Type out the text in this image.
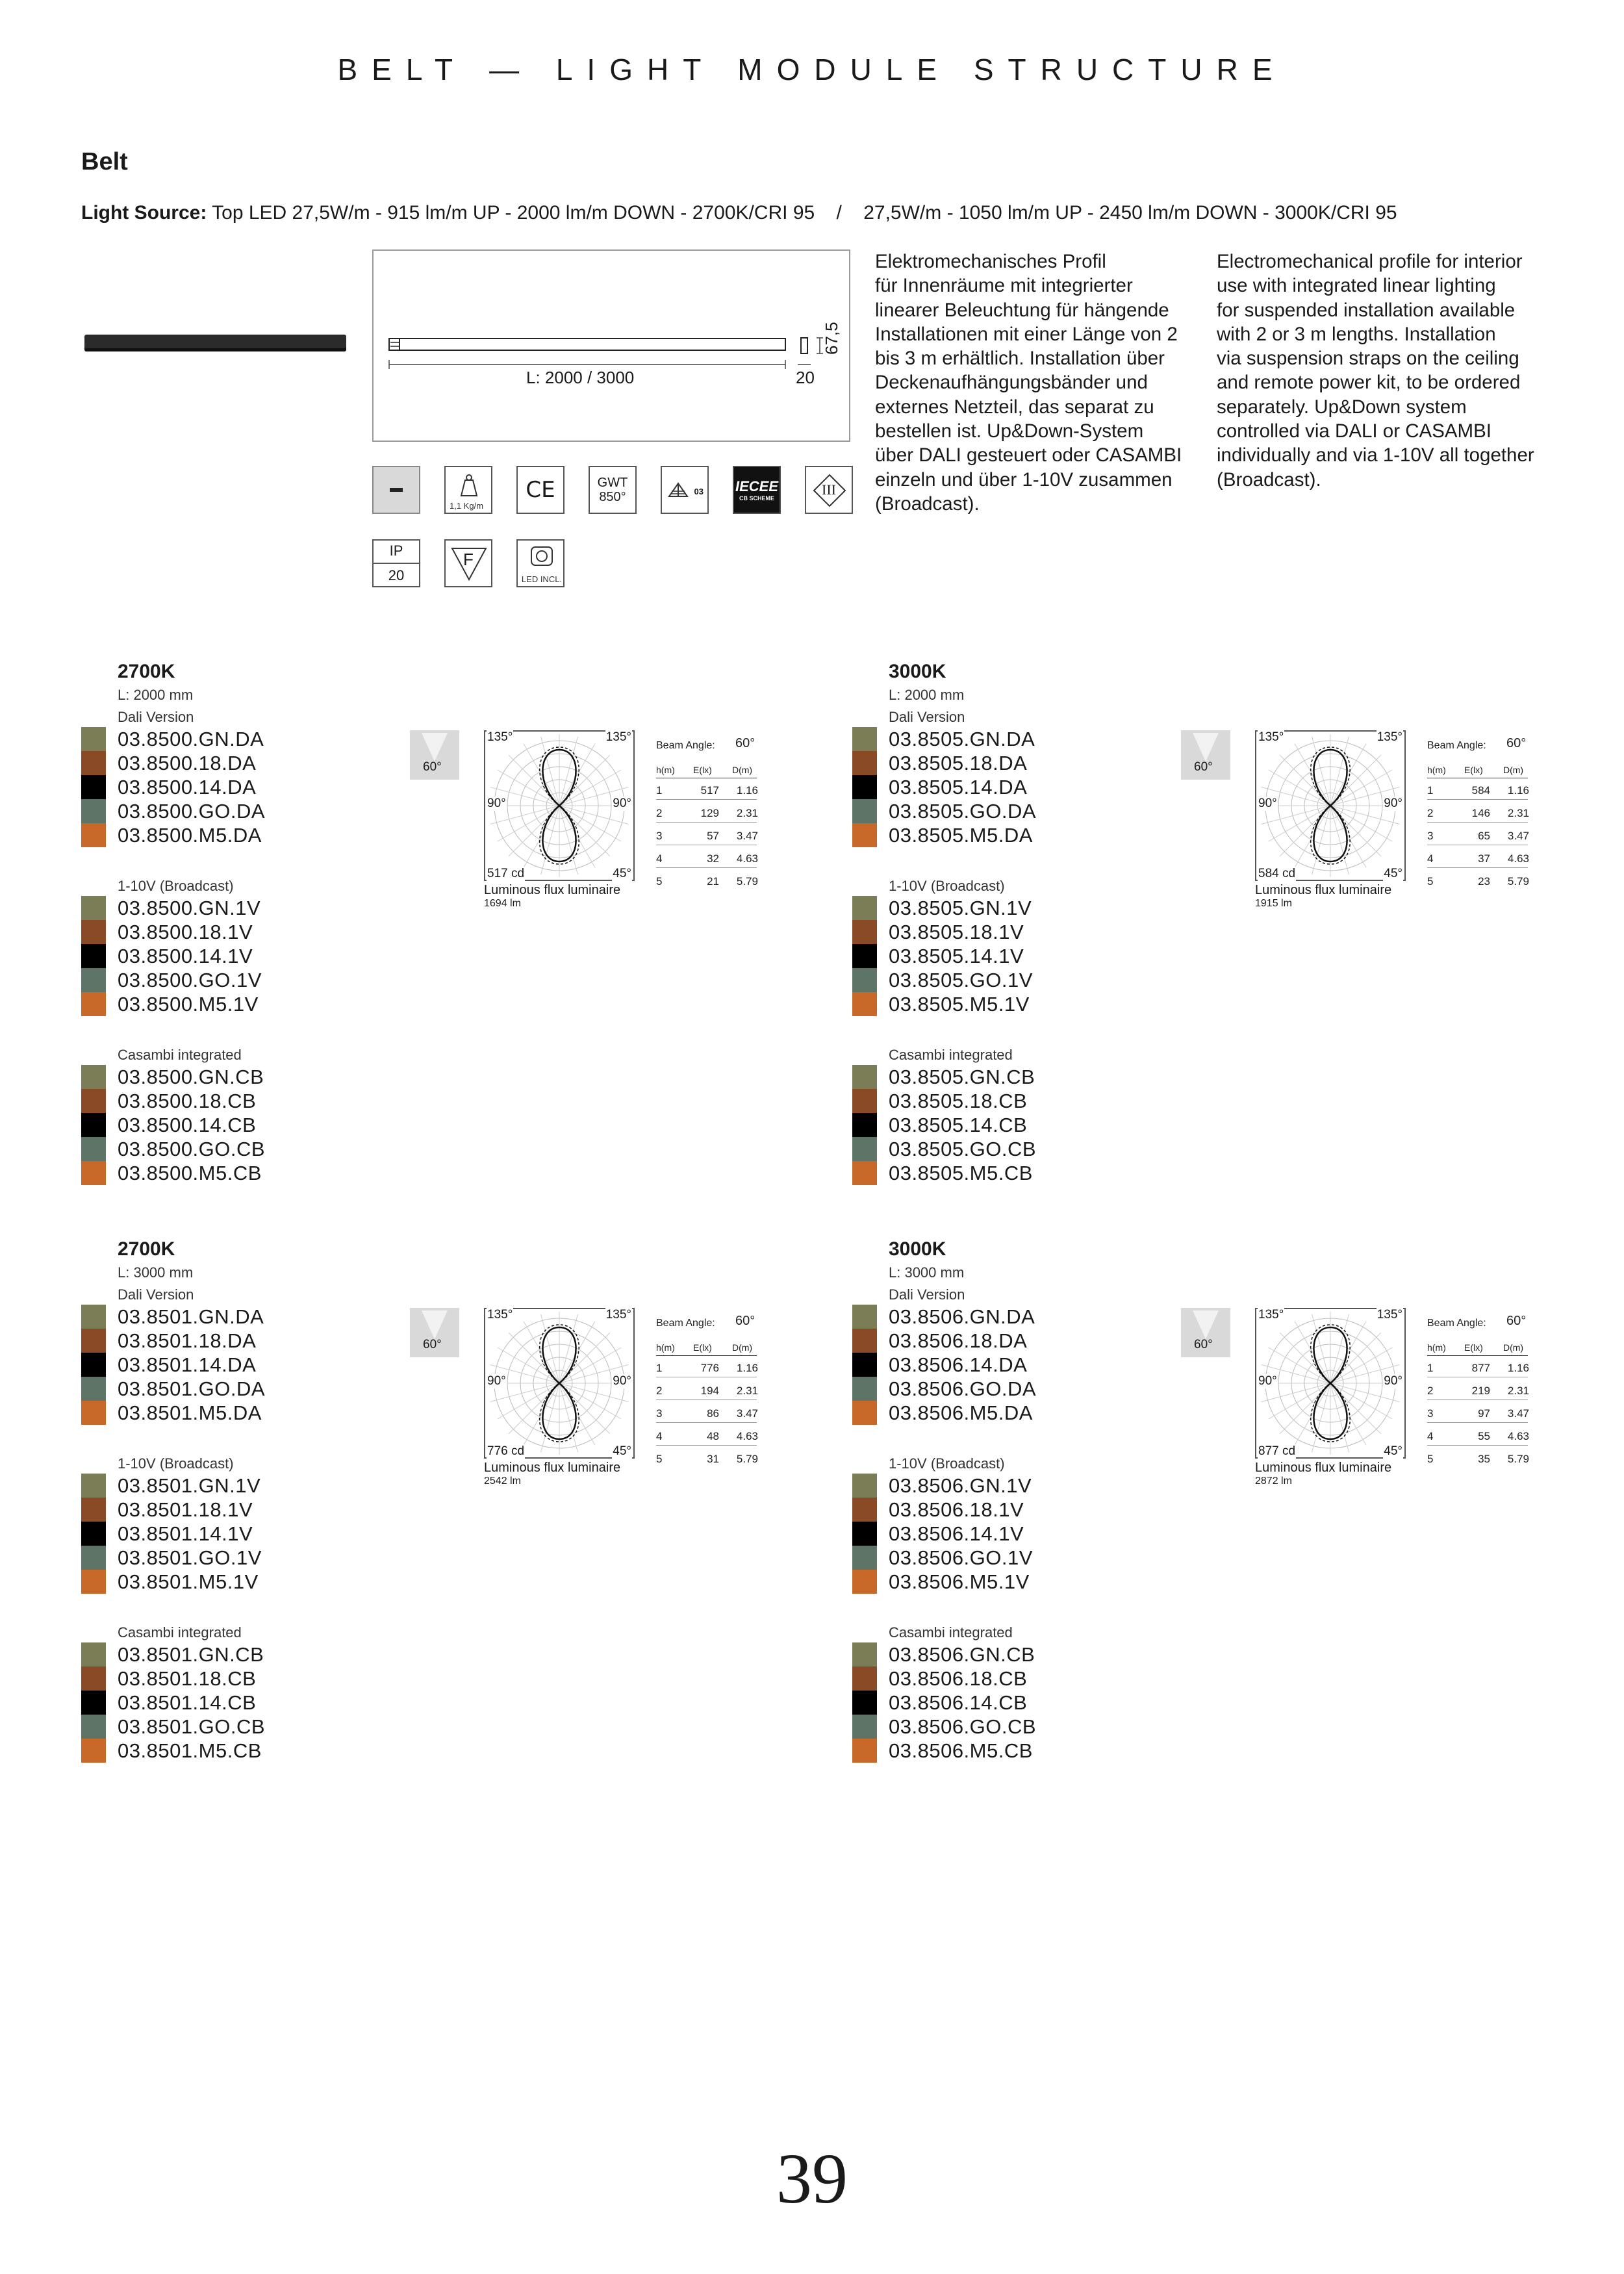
BELT — LIGHT MODULE STRUCTURE
Belt
Light Source: Top LED 27,5W/m - 915 lm/m UP - 2000 lm/m DOWN - 2700K/CRI 95    /    27,5W/m - 1050 lm/m UP - 2450 lm/m DOWN - 3000K/CRI 95
L: 2000 / 3000	20
67,5
Elektromechanisches Profil
für Innenräume mit integrierter
linearer Beleuchtung für hängende
Installationen mit einer Länge von 2
bis 3 m erhältlich. Installation über
Deckenaufhängungsbänder und
externes Netzteil, das separat zu
bestellen ist. Up&Down-System
über DALI gesteuert oder CASAMBI
einzeln und über 1-10V zusammen
(Broadcast).
Electromechanical profile for interior
use with integrated linear lighting
for suspended installation available
with 2 or 3 m lengths. Installation
via suspension straps on the ceiling
and remote power kit, to be ordered
separately. Up&Down system
controlled via DALI or CASAMBI
individually and via 1-10V all together
(Broadcast).
1,1 Kg/m
CE	GWT
850°	03 IECEE
CB SCHEME
III
IP
20
F
LED INCL.
2700K
L: 2000 mm
Dali Version
03.8500.GN.DA
03.8500.18.DA
03.8500.14.DA
03.8500.GO.DA
03.8500.M5.DA
1-10V (Broadcast)
03.8500.GN.1V
03.8500.18.1V
03.8500.14.1V
03.8500.GO.1V
03.8500.M5.1V
Casambi integrated
03.8500.GN.CB
03.8500.18.CB
03.8500.14.CB
03.8500.GO.CB
03.8500.M5.CB
60°
135°	135°
90°	90°
517 cd	45°
Luminous flux luminaire
1694 lm
Beam Angle: 60°
h(m) E(lx) D(m)
1	517	1.16
2	129	2.31
3	57	3.47
4	32	4.63
5	21	5.79
3000K
L: 2000 mm
Dali Version
03.8505.GN.DA
03.8505.18.DA
03.8505.14.DA
03.8505.GO.DA
03.8505.M5.DA
1-10V (Broadcast)
03.8505.GN.1V
03.8505.18.1V
03.8505.14.1V
03.8505.GO.1V
03.8505.M5.1V
Casambi integrated
03.8505.GN.CB
03.8505.18.CB
03.8505.14.CB
03.8505.GO.CB
03.8505.M5.CB
60°
135°	135°
90°	90°
584 cd	45°
Luminous flux luminaire
1915 lm
Beam Angle: 60°
h(m) E(lx) D(m)
1	584	1.16
2	146	2.31
3	65	3.47
4	37	4.63
5	23	5.79
2700K
L: 3000 mm
Dali Version
03.8501.GN.DA
03.8501.18.DA
03.8501.14.DA
03.8501.GO.DA
03.8501.M5.DA
1-10V (Broadcast)
03.8501.GN.1V
03.8501.18.1V
03.8501.14.1V
03.8501.GO.1V
03.8501.M5.1V
Casambi integrated
03.8501.GN.CB
03.8501.18.CB
03.8501.14.CB
03.8501.GO.CB
03.8501.M5.CB
60°
135°	135°
90°	90°
776 cd	45°
Luminous flux luminaire
2542 lm
Beam Angle: 60°
h(m) E(lx) D(m)
1	776	1.16
2	194	2.31
3	86	3.47
4	48	4.63
5	31	5.79
3000K
L: 3000 mm
Dali Version
03.8506.GN.DA
03.8506.18.DA
03.8506.14.DA
03.8506.GO.DA
03.8506.M5.DA
1-10V (Broadcast)
03.8506.GN.1V
03.8506.18.1V
03.8506.14.1V
03.8506.GO.1V
03.8506.M5.1V
Casambi integrated
03.8506.GN.CB
03.8506.18.CB
03.8506.14.CB
03.8506.GO.CB
03.8506.M5.CB
60°
135°	135°
90°	90°
877 cd	45°
Luminous flux luminaire
2872 lm
Beam Angle: 60°
h(m) E(lx) D(m)
1	877	1.16
2	219	2.31
3	97	3.47
4	55	4.63
5	35	5.79
39
